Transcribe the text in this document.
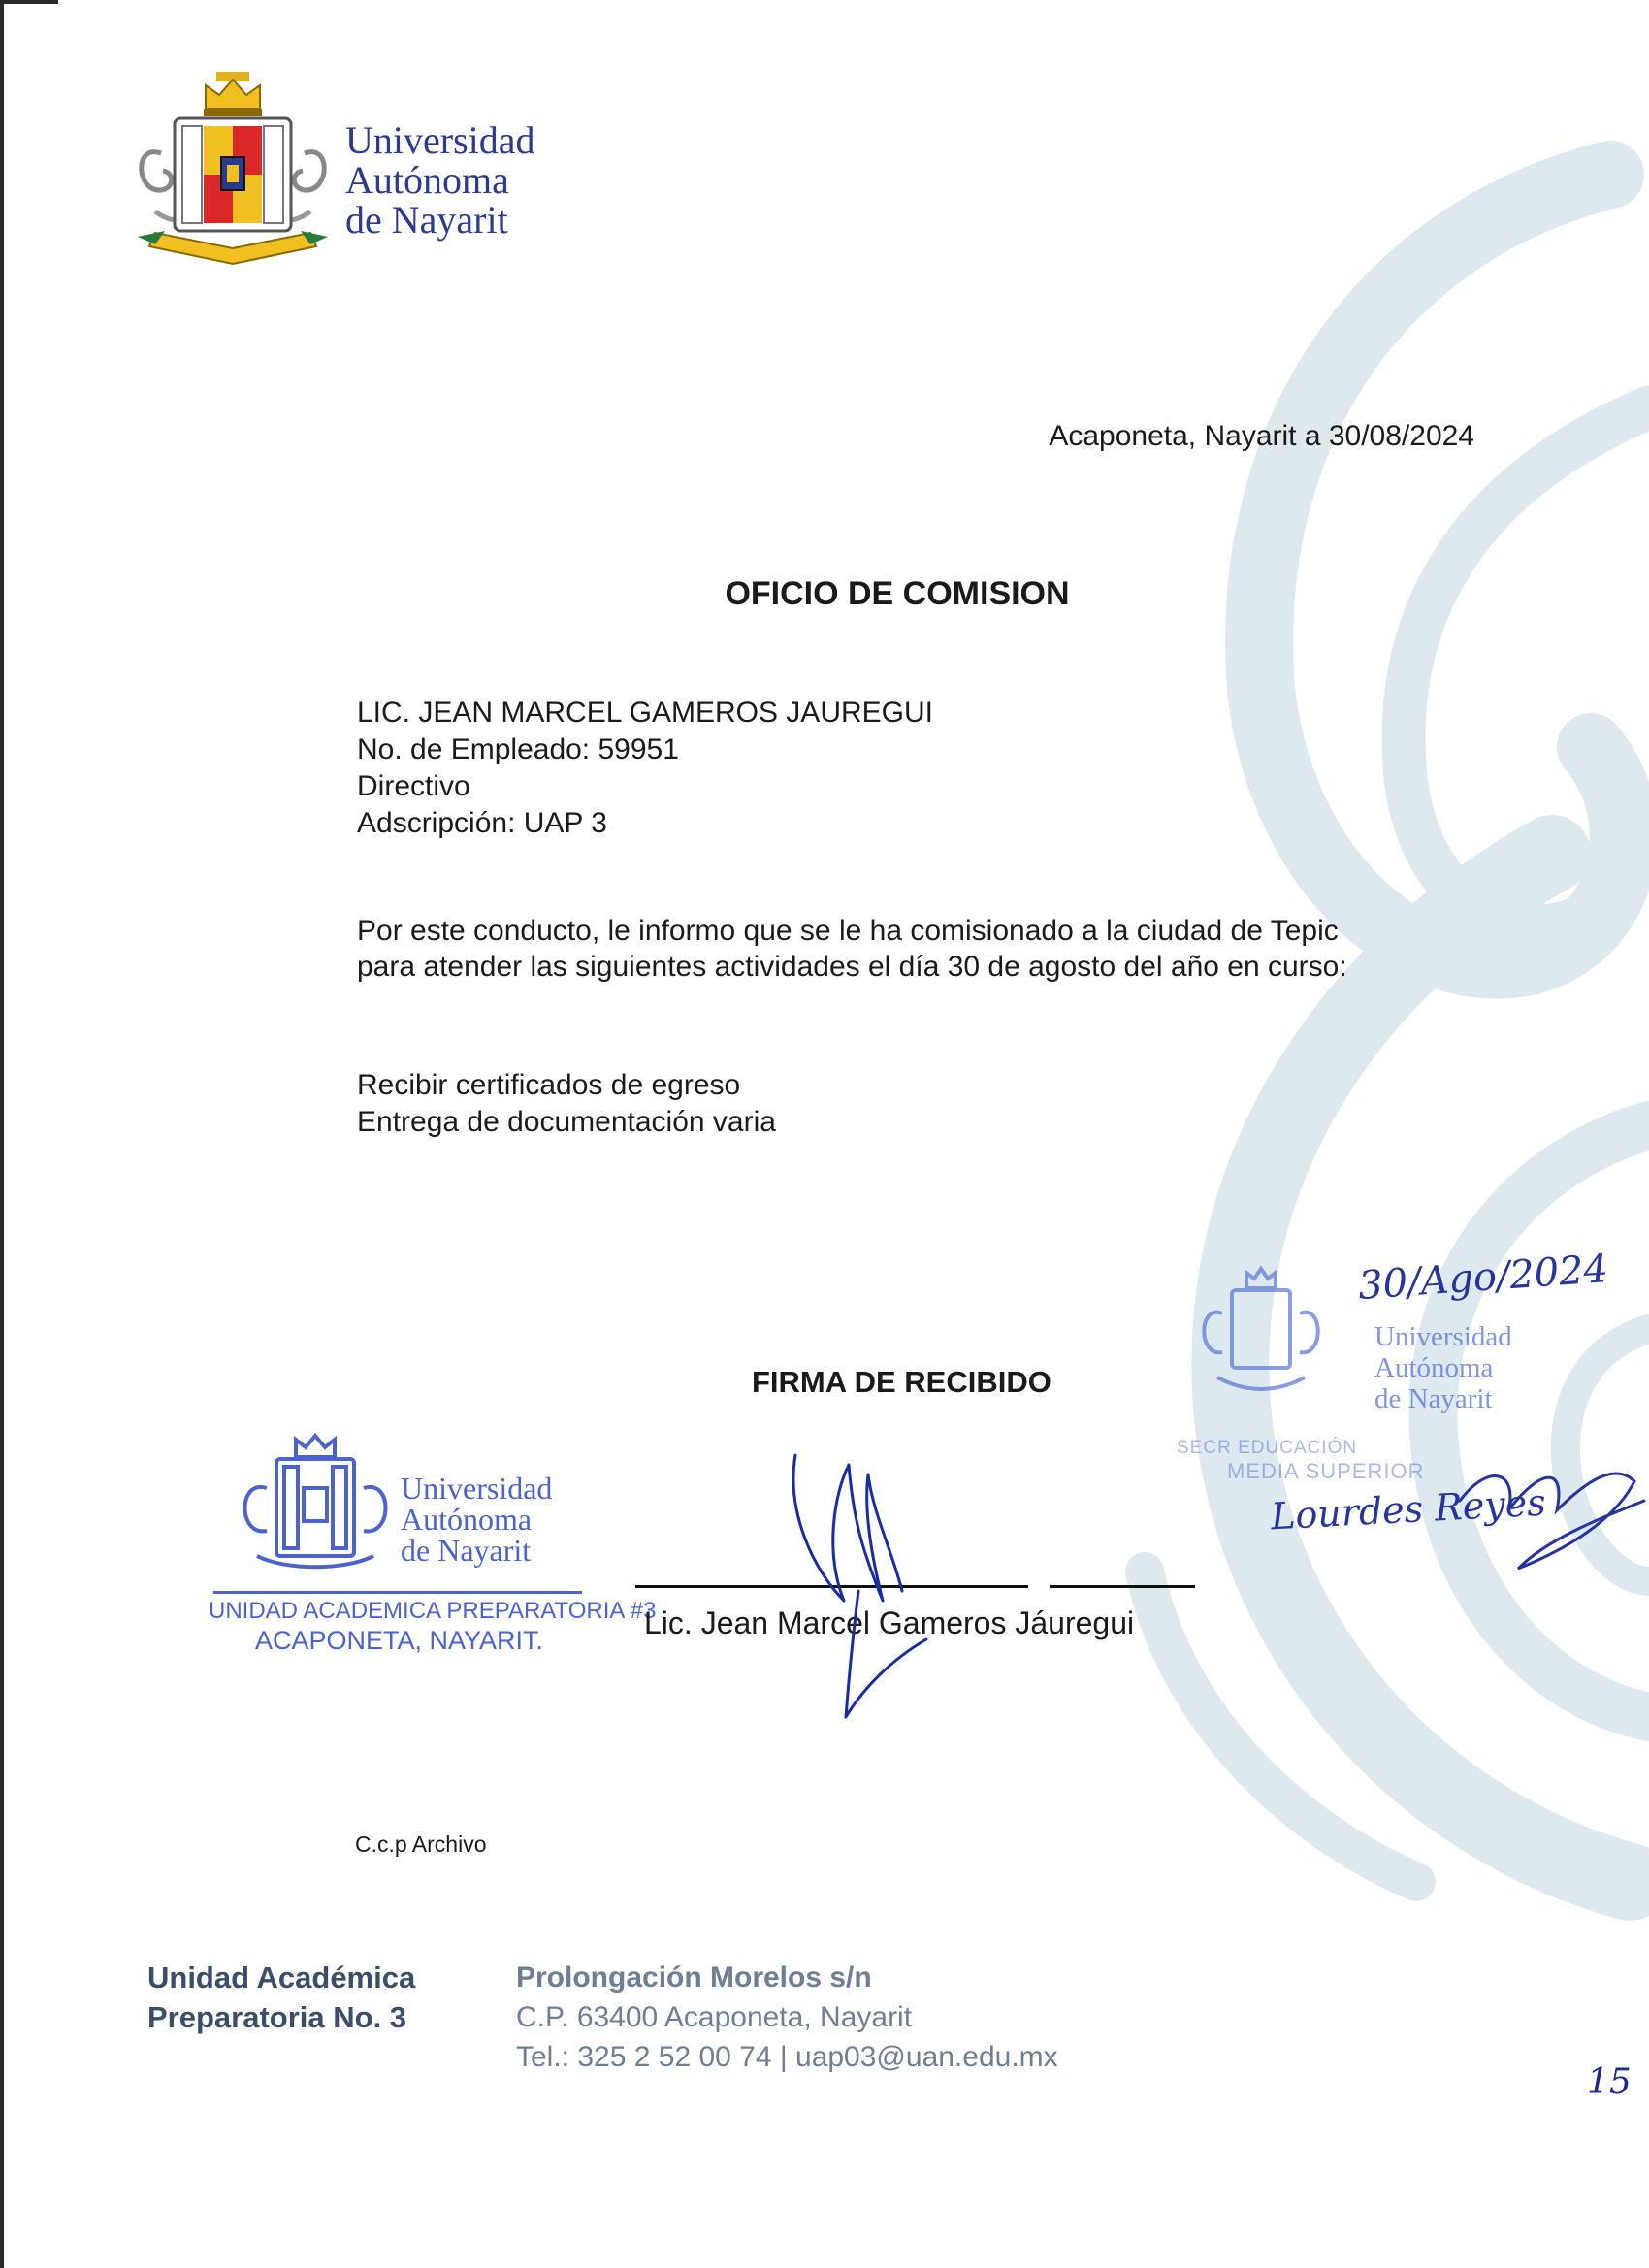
Universidad
Autónoma
de Nayarit
Acaponeta, Nayarit a 30/08/2024
OFICIO DE COMISION
LIC. JEAN MARCEL GAMEROS JAUREGUI
No. de Empleado: 59951
Directivo
Adscripción: UAP 3
Por este conducto, le informo que se le ha comisionado a la ciudad de Tepic
para atender las siguientes actividades el día 30 de agosto del año en curso:
Recibir certificados de egreso
Entrega de documentación varia
Universidad
Autónoma
de Nayarit
UNIDAD ACADEMICA PREPARATORIA #3
ACAPONETA, NAYARIT.
FIRMA DE RECIBIDO
Lic. Jean Marcel Gameros Jáuregui
30/Ago/2024
Universidad
Autónoma
de Nayarit
SECR EDUCACIÓN
MEDIA SUPERIOR
Lourdes Reyes
C.c.p Archivo
Unidad Académica
Preparatoria No. 3
Prolongación Morelos s/n
C.P. 63400 Acaponeta, Nayarit
Tel.: 325 2 52 00 74 | uap03@uan.edu.mx
15
